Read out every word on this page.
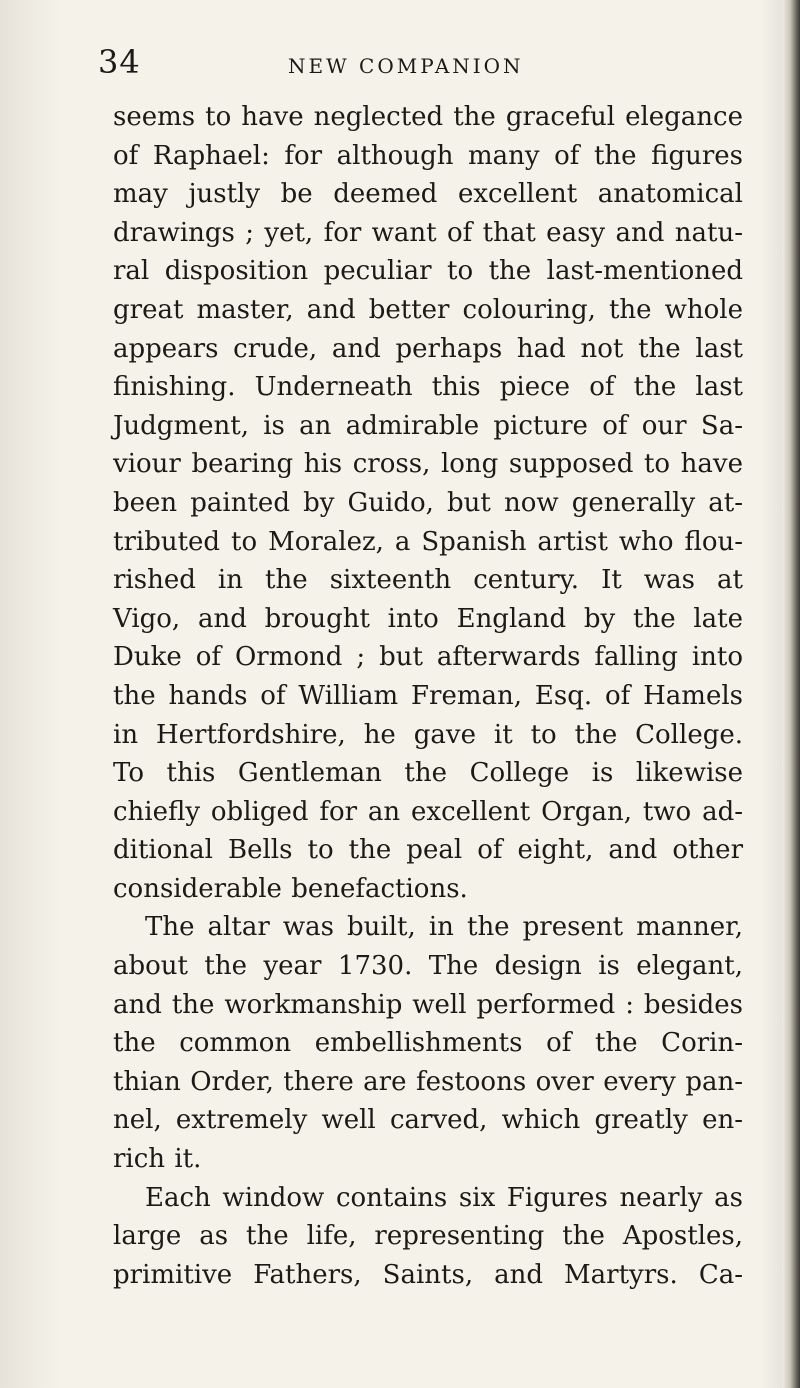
34	NEW COMPANION
seems to have neglected the graceful elegance
of Raphael: for although many of the figures
may justly be deemed excellent anatomical
drawings ; yet, for want of that easy and natu-
ral disposition peculiar to the last-mentioned
great master, and better colouring, the whole
appears crude, and perhaps had not the last
finishing. Underneath this piece of the last
Judgment, is an admirable picture of our Sa-
viour bearing his cross, long supposed to have
been painted by Guido, but now generally at-
tributed to Moralez, a Spanish artist who flou-
rished in the sixteenth century. It was at
Vigo, and brought into England by the late
Duke of Ormond ; but afterwards falling into
the hands of William Freman, Esq. of Hamels
in Hertfordshire, he gave it to the College.
To this Gentleman the College is likewise
chiefly obliged for an excellent Organ, two ad-
ditional Bells to the peal of eight, and other
considerable benefactions.
The altar was built, in the present manner,
about the year 1730. The design is elegant,
and the workmanship well performed : besides
the common embellishments of the Corin-
thian Order, there are festoons over every pan-
nel, extremely well carved, which greatly en-
rich it.
Each window contains six Figures nearly as
large as the life, representing the Apostles,
primitive Fathers, Saints, and Martyrs. Ca-
